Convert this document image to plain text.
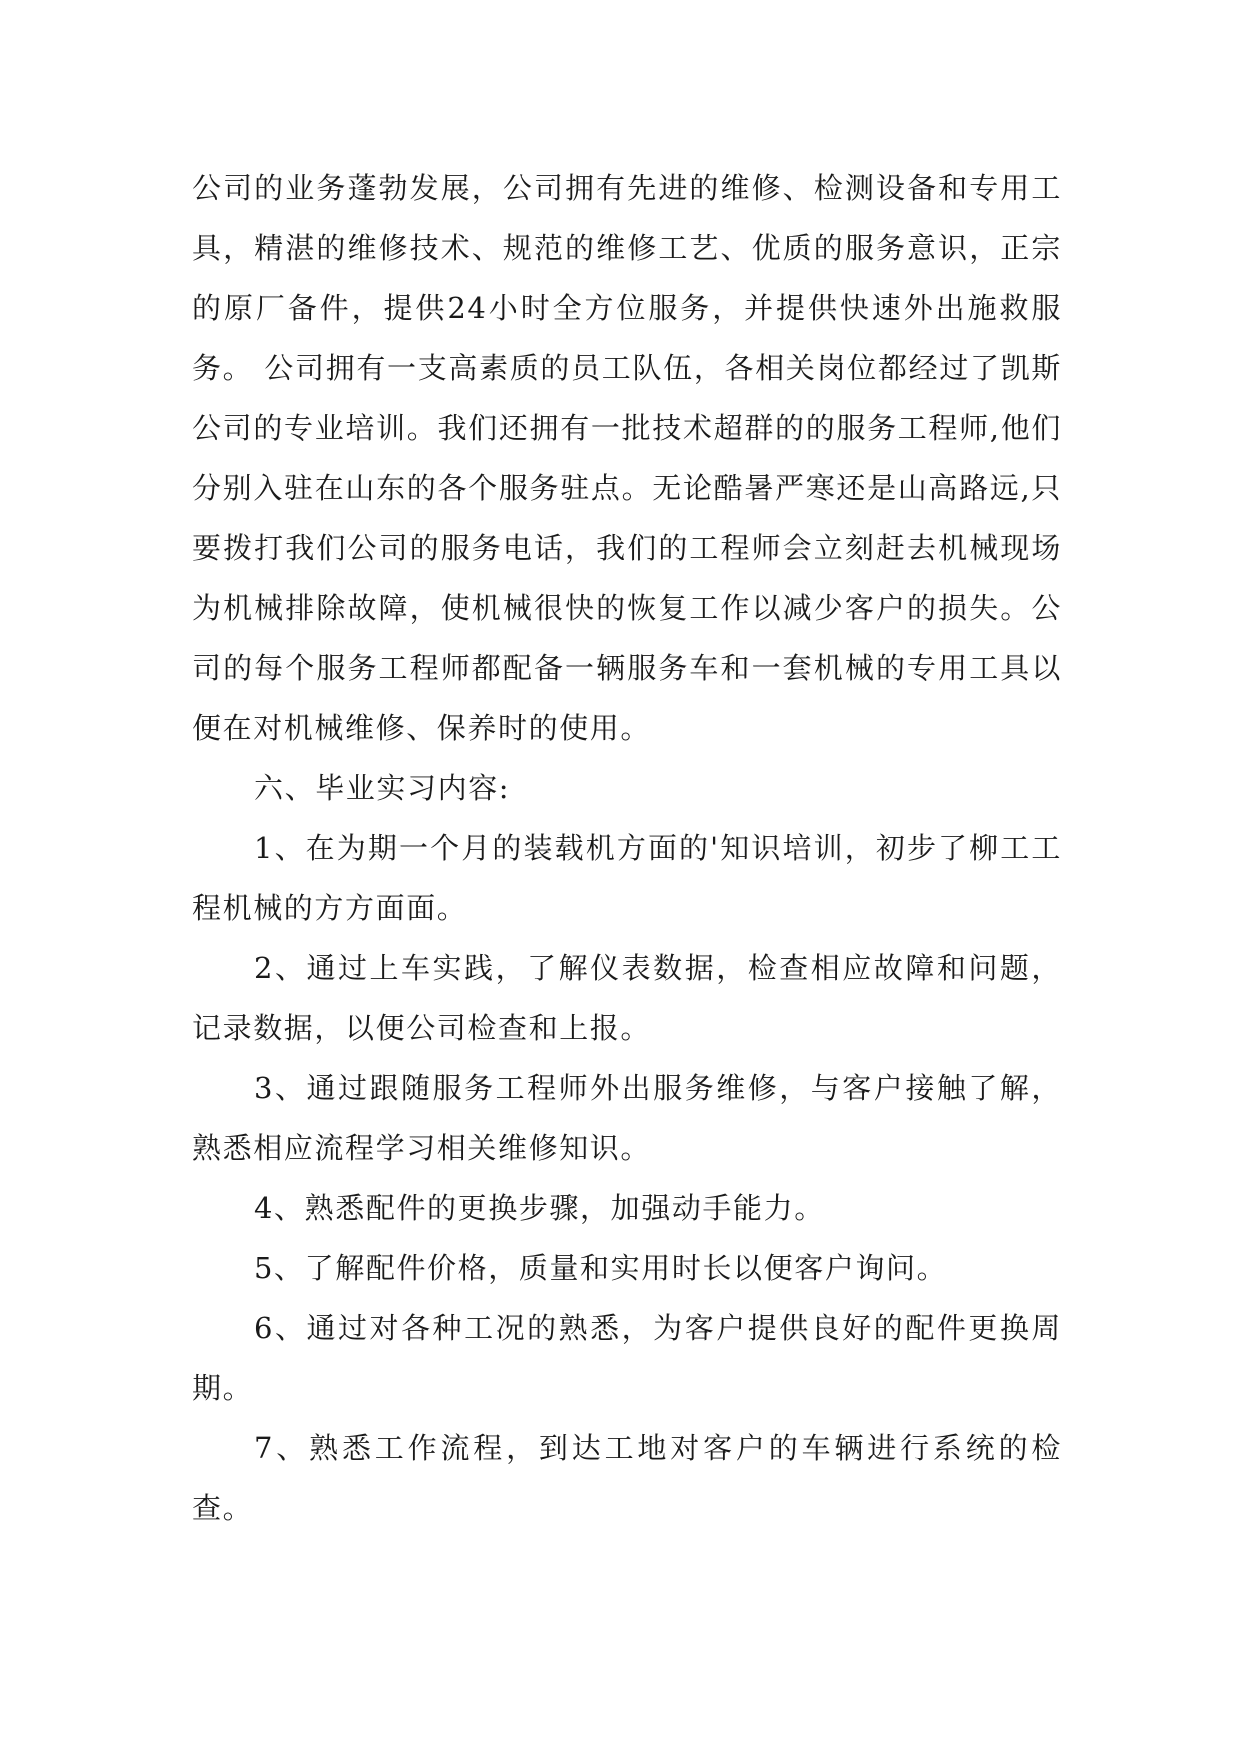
公司的业务蓬勃发展，公司拥有先进的维修、检测设备和专用工具，精湛的维修技术、规范的维修工艺、优质的服务意识，正宗的原厂备件，提供24小时全方位服务，并提供快速外出施救服务。 公司拥有一支高素质的员工队伍，各相关岗位都经过了凯斯公司的专业培训。我们还拥有一批技术超群的的服务工程师,他们分别入驻在山东的各个服务驻点。无论酷暑严寒还是山高路远,只要拨打我们公司的服务电话，我们的工程师会立刻赶去机械现场为机械排除故障，使机械很快的恢复工作以减少客户的损失。公司的每个服务工程师都配备一辆服务车和一套机械的专用工具以便在对机械维修、保养时的使用。

六、毕业实习内容:

1、在为期一个月的装载机方面的'知识培训，初步了柳工工程机械的方方面面。

2、通过上车实践，了解仪表数据，检查相应故障和问题，记录数据，以便公司检查和上报。

3、通过跟随服务工程师外出服务维修，与客户接触了解，熟悉相应流程学习相关维修知识。

4、熟悉配件的更换步骤，加强动手能力。

5、了解配件价格，质量和实用时长以便客户询问。

6、通过对各种工况的熟悉，为客户提供良好的配件更换周期。

7、熟悉工作流程，到达工地对客户的车辆进行系统的检查。
